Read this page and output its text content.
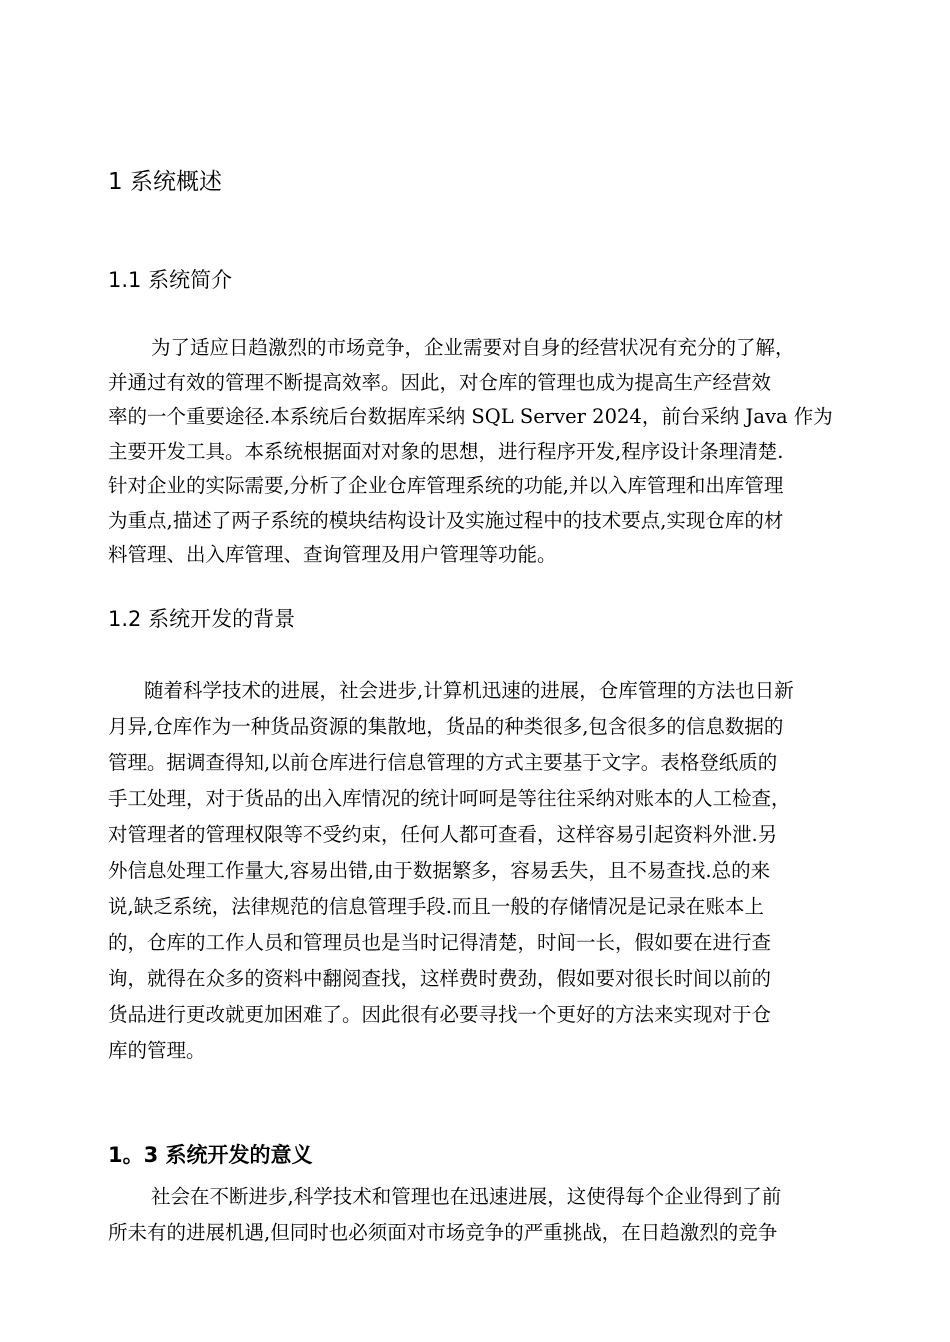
1 系统概述
1.1 系统简介
为了适应日趋激烈的市场竞争，企业需要对自身的经营状况有充分的了解，
并通过有效的管理不断提高效率。因此，对仓库的管理也成为提高生产经营效
率的一个重要途径.本系统后台数据库采纳 SQL Server 2024，前台采纳 Java 作为
主要开发工具。本系统根据面对对象的思想，进行程序开发,程序设计条理清楚.
针对企业的实际需要,分析了企业仓库管理系统的功能,并以入库管理和出库管理
为重点,描述了两子系统的模块结构设计及实施过程中的技术要点,实现仓库的材
料管理、出入库管理、查询管理及用户管理等功能。
1.2 系统开发的背景
随着科学技术的进展，社会进步,计算机迅速的进展，仓库管理的方法也日新
月异,仓库作为一种货品资源的集散地，货品的种类很多,包含很多的信息数据的
管理。据调查得知,以前仓库进行信息管理的方式主要基于文字。表格登纸质的
手工处理，对于货品的出入库情况的统计呵呵是等往往采纳对账本的人工检查，
对管理者的管理权限等不受约束，任何人都可查看，这样容易引起资料外泄.另
外信息处理工作量大,容易出错,由于数据繁多，容易丢失，且不易查找.总的来
说,缺乏系统，法律规范的信息管理手段.而且一般的存储情况是记录在账本上
的，仓库的工作人员和管理员也是当时记得清楚，时间一长，假如要在进行查
询，就得在众多的资料中翻阅查找，这样费时费劲，假如要对很长时间以前的
货品进行更改就更加困难了。因此很有必要寻找一个更好的方法来实现对于仓
库的管理。
1。3 系统开发的意义
社会在不断进步,科学技术和管理也在迅速进展，这使得每个企业得到了前
所未有的进展机遇,但同时也必须面对市场竞争的严重挑战，在日趋激烈的竞争
